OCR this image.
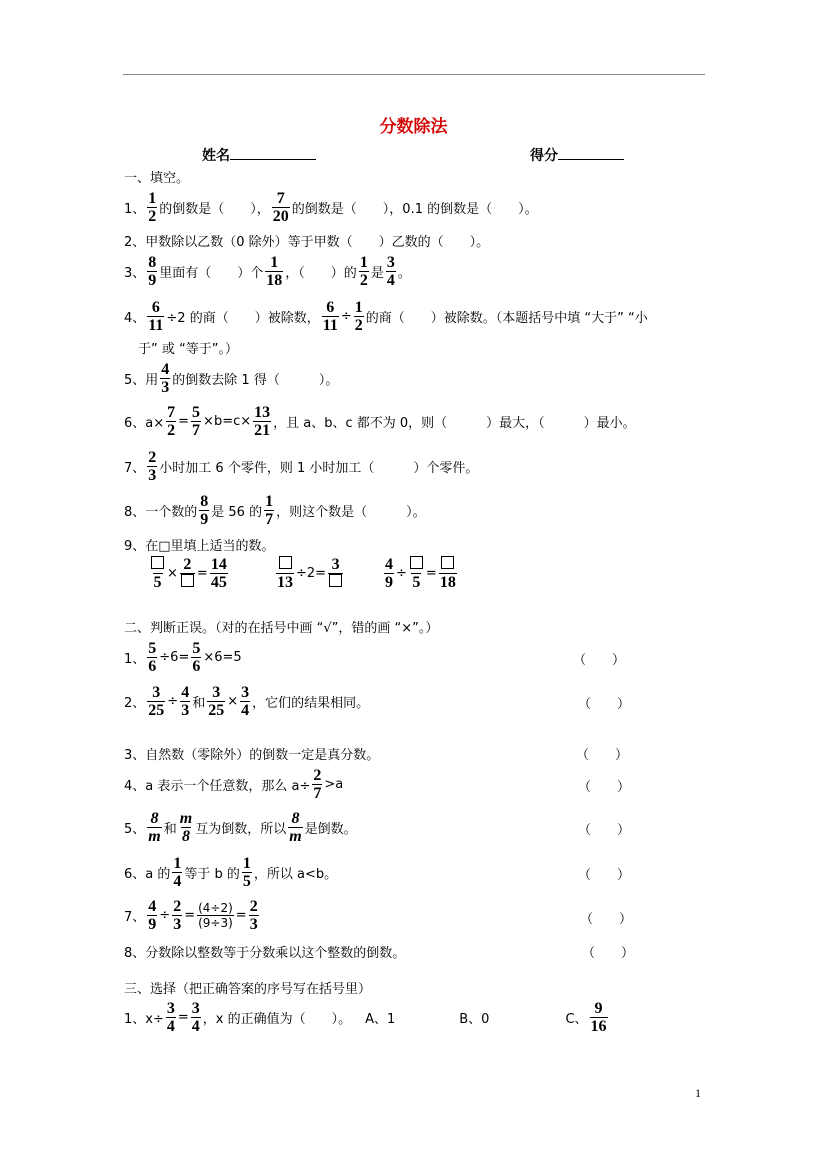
分数除法
姓名	得分
一、填空。
1、 $\frac{1}{2}$ 的倒数是（　　）， $\frac{7}{20}$ 的倒数是（　　），0.1 的倒数是（　　）。
2、甲数除以乙数（0 除外）等于甲数（　　）乙数的（　　）。
3、 $\frac{8}{9}$ 里面有（　　）个 $\frac{1}{18}$ ，（　　）的 $\frac{1}{2}$ 是 $\frac{3}{4}$ 。
4、 $\frac{6}{11} \div 2$ 的商（　　）被除数， $\frac{6}{11} \div \frac{1}{2}$ 的商（　　）被除数。（本题括号中填 “大于” “小
于” 或 “等于”。）
5、用 $\frac{4}{3}$ 的倒数去除 1 得（　　　）。
6、$a\times \frac{7}{2} = \frac{5}{7} \times b=c\times \frac{13}{21}$ ，且 a、b、c 都不为 0，则（　　　）最大，（　　　）最小。
7、 $\frac{2}{3}$ 小时加工 6 个零件，则 1 小时加工（　　　）个零件。
8、一个数的 $\frac{8}{9}$ 是 56 的 $\frac{1}{7}$ ，则这个数是（　　　）。
9、在□里填上适当的数。
5
×
2
= $\frac{14}{45}$	13
÷2=
3	$\frac{4}{9}$ ÷
5
=
18
二、判断正误。（对的在括号中画 “√”，错的画 “×”。）
1、 $\frac{5}{6} \div 6= \frac{5}{6} \times 6=5$	（　　）
2、 $\frac{3}{25} \div \frac{4}{3}$ 和 $\frac{3}{25} \times \frac{3}{4}$ ，它们的结果相同。	（　　）
3、自然数（零除外）的倒数一定是真分数。	（　　）
4、a 表示一个任意数，那么 $a\div \frac{2}{7} >a$	（　　）
5、 $\frac{8}{m}$ 和 $\frac{m}{8}$ 互为倒数，所以 $\frac{8}{m}$ 是倒数。	（　　）
6、a 的 $\frac{1}{4}$ 等于 b 的 $\frac{1}{5}$ ，所以 a<b。	（　　）
7、 $\frac{4}{9} \div \frac{2}{3} = \frac{(4\div 2)}{(9\div 3)} = \frac{2}{3}$	（　　）
8、分数除以整数等于分数乘以这个整数的倒数。	（　　）
三、选择（把正确答案的序号写在括号里）
1、$x\div \frac{3}{4} = \frac{3}{4}$ ，x 的正确值为（　　）。 A、1	B、0	C、 $\frac{9}{16}$
1
